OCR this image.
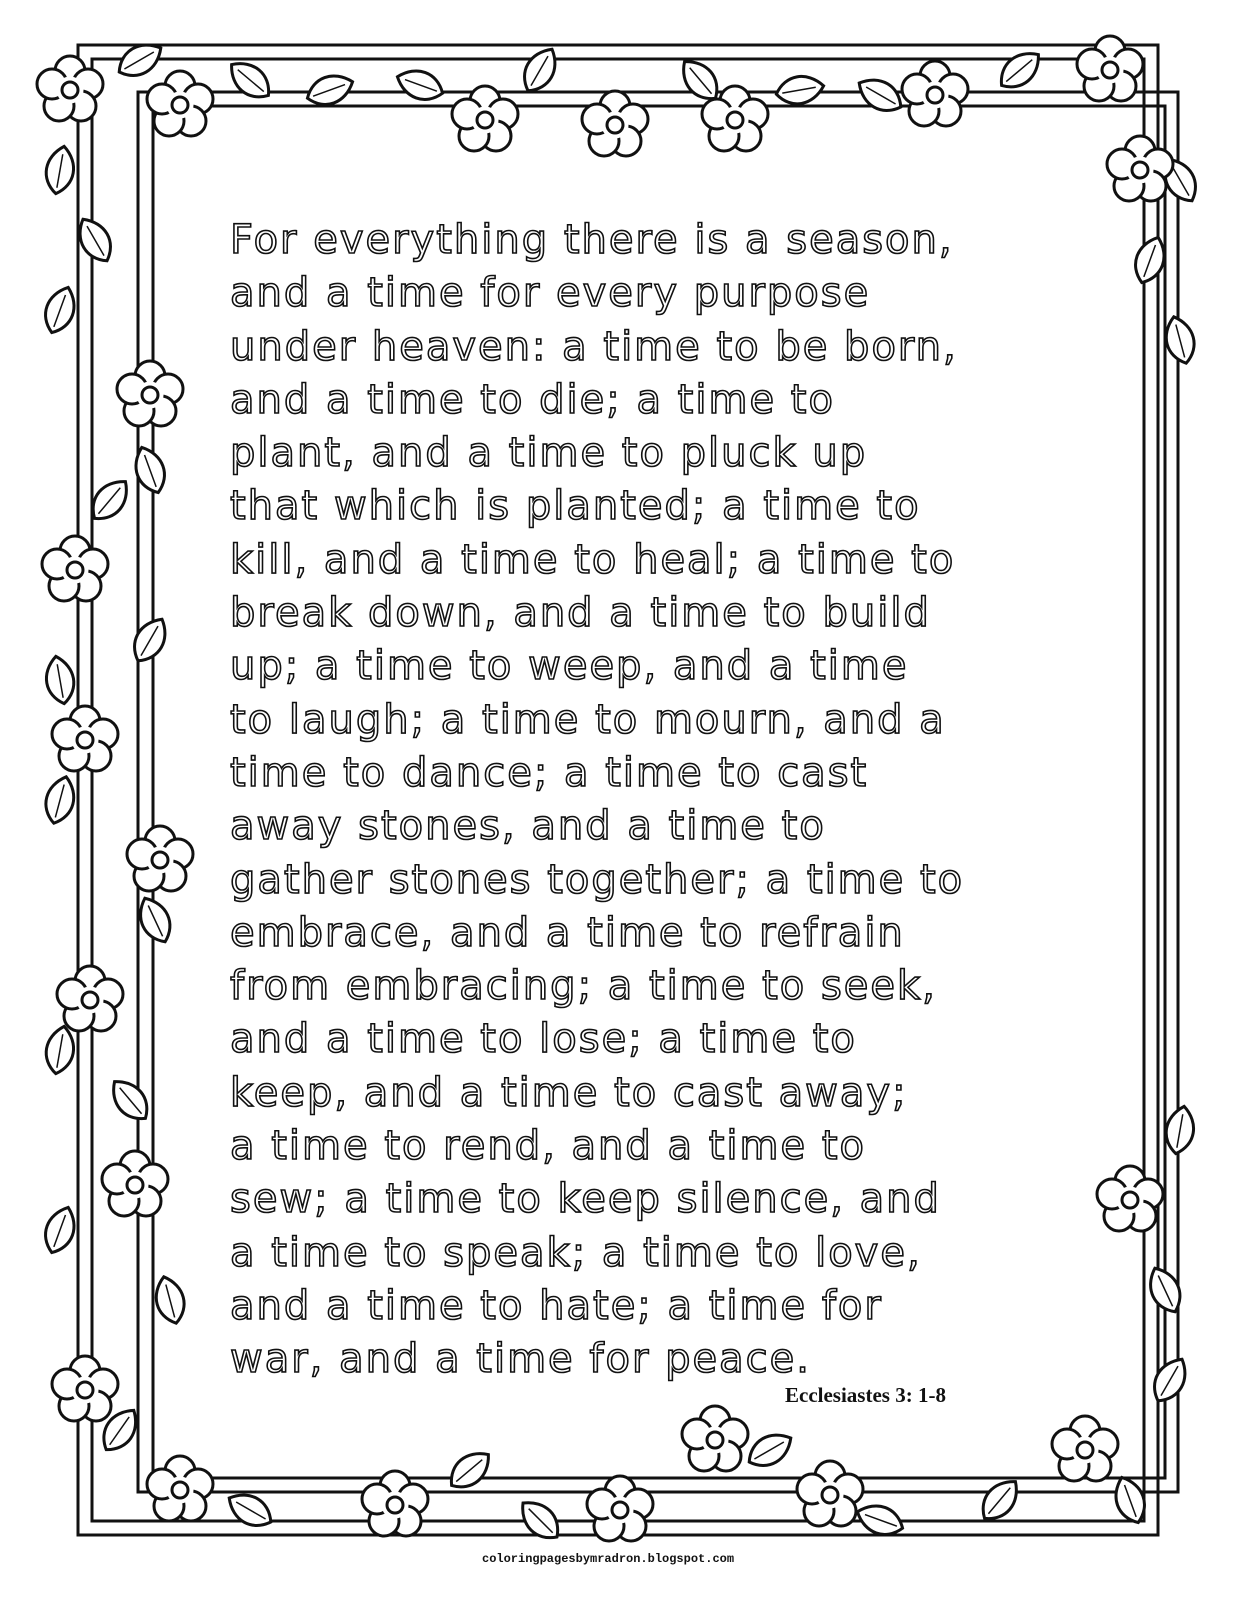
For everything there is a season,
and a time for every purpose
under heaven: a time to be born,
and a time to die; a time to
plant, and a time to pluck up
that which is planted; a time to
kill, and a time to heal; a time to
break down, and a time to build
up; a time to weep, and a time
to laugh; a time to mourn, and a
time to dance; a time to cast
away stones, and a time to
gather stones together; a time to
embrace, and a time to refrain
from embracing; a time to seek,
and a time to lose; a time to
keep, and a time to cast away;
a time to rend, and a time to
sew; a time to keep silence, and
a time to speak; a time to love,
and a time to hate; a time for
war, and a time for peace.
Ecclesiastes 3: 1-8
coloringpagesbymradron.blogspot.com
